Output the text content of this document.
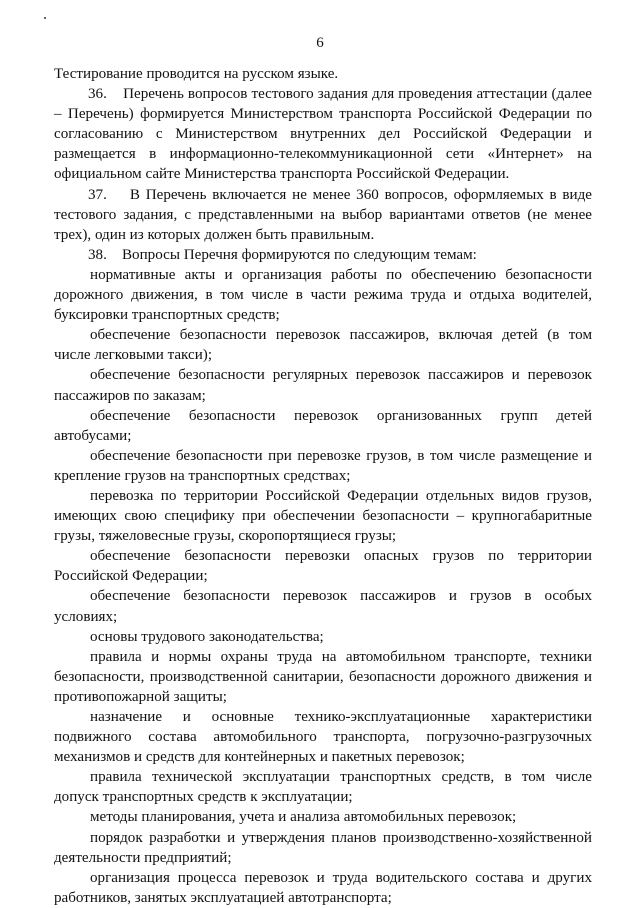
6

Тестирование проводится на русском языке.

36.    Перечень вопросов тестового задания для проведения аттестации (далее – Перечень) формируется Министерством транспорта Российской Федерации по согласованию с Министерством внутренних дел Российской Федерации и размещается в информационно-телекоммуникационной сети «Интернет» на официальном сайте Министерства транспорта Российской Федерации.

37.    В Перечень включается не менее 360 вопросов, оформляемых в виде тестового задания, с представленными на выбор вариантами ответов (не менее трех), один из которых должен быть правильным.

38.    Вопросы Перечня формируются по следующим темам:

нормативные акты и организация работы по обеспечению безопасности дорожного движения, в том числе в части режима труда и отдыха водителей, буксировки транспортных средств;

обеспечение безопасности перевозок пассажиров, включая детей (в том числе легковыми такси);

обеспечение безопасности регулярных перевозок пассажиров и перевозок пассажиров по заказам;

обеспечение безопасности перевозок организованных групп детей автобусами;

обеспечение безопасности при перевозке грузов, в том числе размещение и крепление грузов на транспортных средствах;

перевозка по территории Российской Федерации отдельных видов грузов, имеющих свою специфику при обеспечении безопасности – крупногабаритные грузы, тяжеловесные грузы, скоропортящиеся грузы;

обеспечение безопасности перевозки опасных грузов по территории Российской Федерации;

обеспечение безопасности перевозок пассажиров и грузов в особых условиях;

основы трудового законодательства;

правила и нормы охраны труда на автомобильном транспорте, техники безопасности, производственной санитарии, безопасности дорожного движения и противопожарной защиты;

назначение и основные технико-эксплуатационные характеристики подвижного состава автомобильного транспорта, погрузочно-разгрузочных механизмов и средств для контейнерных и пакетных перевозок;

правила технической эксплуатации транспортных средств, в том числе допуск транспортных средств к эксплуатации;

методы планирования, учета и анализа автомобильных перевозок;

порядок разработки и утверждения планов производственно-хозяйственной деятельности предприятий;

организация процесса перевозок и труда водительского состава и других работников, занятых эксплуатацией автотранспорта;
